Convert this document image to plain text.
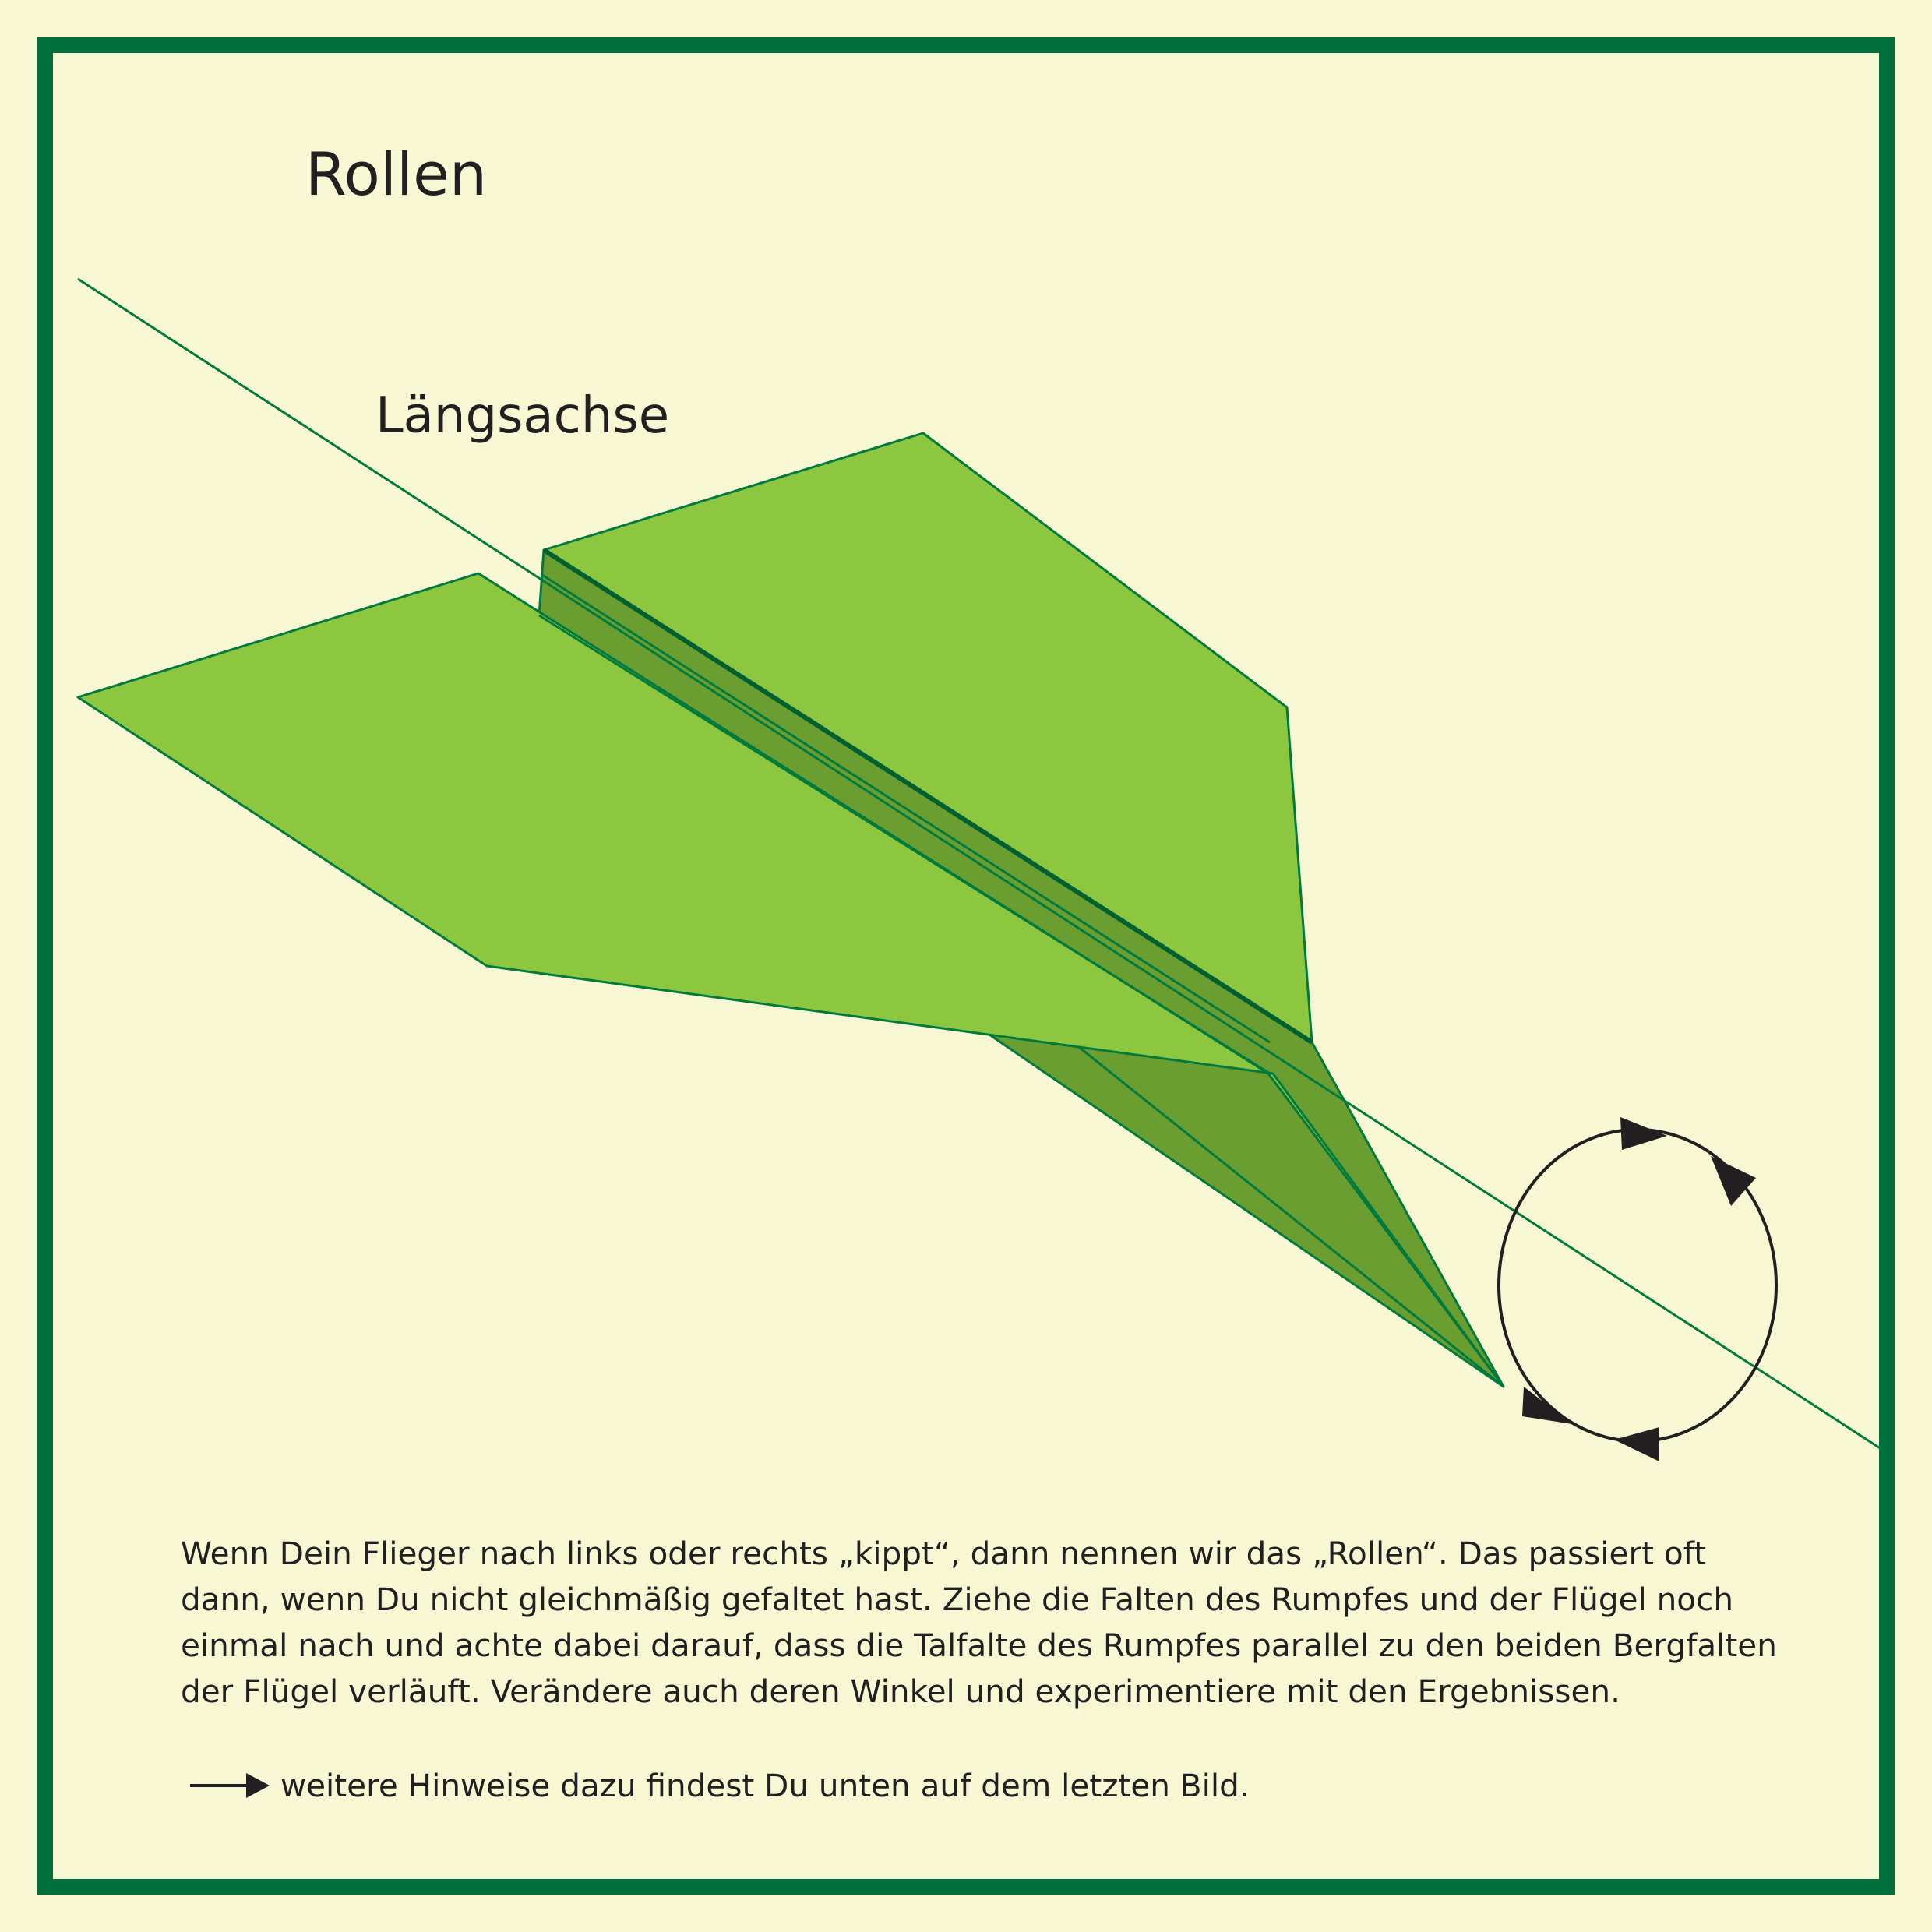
Rollen
Längsachse

Wenn Dein Flieger nach links oder rechts „kippt“, dann nennen wir das „Rollen“. Das passiert oft dann, wenn Du nicht gleichmäßig gefaltet hast. Ziehe die Falten des Rumpfes und der Flügel noch einmal nach und achte dabei darauf, dass die Talfalte des Rumpfes parallel zu den beiden Bergfalten der Flügel verläuft. Verändere auch deren Winkel und experimentiere mit den Ergebnissen.

weitere Hinweise dazu findest Du unten auf dem letzten Bild.
